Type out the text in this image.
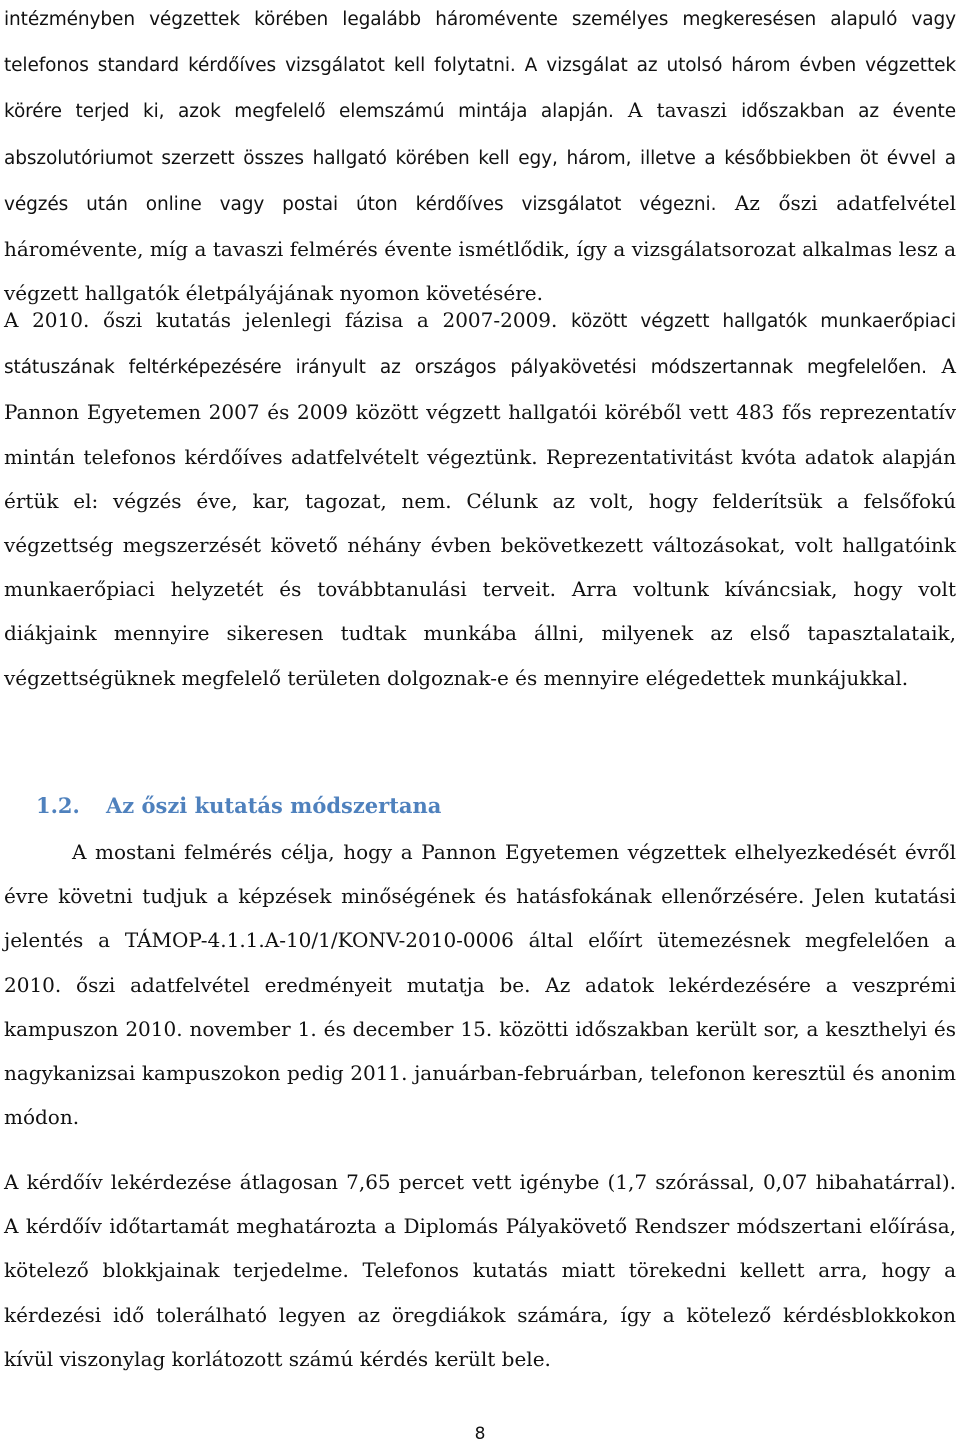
intézményben végzettek körében legalább háromévente személyes megkeresésen alapuló vagy telefonos standard kérdőíves vizsgálatot kell folytatni. A vizsgálat az utolsó három évben végzettek körére terjed ki, azok megfelelő elemszámú mintája alapján. A tavaszi időszakban az évente abszolutóriumot szerzett összes hallgató körében kell egy, három, illetve a későbbiekben öt évvel a végzés után online vagy postai úton kérdőíves vizsgálatot végezni. Az őszi adatfelvétel háromévente, míg a tavaszi felmérés évente ismétlődik, így a vizsgálatsorozat alkalmas lesz a végzett hallgatók életpályájának nyomon követésére.

A 2010. őszi kutatás jelenlegi fázisa a 2007-2009. között végzett hallgatók munkaerőpiaci státuszának feltérképezésére irányult az országos pályakövetési módszertannak megfelelően. A Pannon Egyetemen 2007 és 2009 között végzett hallgatói köréből vett 483 fős reprezentatív mintán telefonos kérdőíves adatfelvételt végeztünk. Reprezentativitást kvóta adatok alapján értük el: végzés éve, kar, tagozat, nem. Célunk az volt, hogy felderítsük a felsőfokú végzettség megszerzését követő néhány évben bekövetkezett változásokat, volt hallgatóink munkaerőpiaci helyzetét és továbbtanulási terveit. Arra voltunk kíváncsiak, hogy volt diákjaink mennyire sikeresen tudtak munkába állni, milyenek az első tapasztalataik, végzettségüknek megfelelő területen dolgoznak-e és mennyire elégedettek munkájukkal.

1.2. Az őszi kutatás módszertana

A mostani felmérés célja, hogy a Pannon Egyetemen végzettek elhelyezkedését évről évre követni tudjuk a képzések minőségének és hatásfokának ellenőrzésére. Jelen kutatási jelentés a TÁMOP-4.1.1.A-10/1/KONV-2010-0006 által előírt ütemezésnek megfelelően a 2010. őszi adatfelvétel eredményeit mutatja be. Az adatok lekérdezésére a veszprémi kampuszon 2010. november 1. és december 15. közötti időszakban került sor, a keszthelyi és nagykanizsai kampuszokon pedig 2011. januárban-februárban, telefonon keresztül és anonim módon.

A kérdőív lekérdezése átlagosan 7,65 percet vett igénybe (1,7 szórással, 0,07 hibahatárral). A kérdőív időtartamát meghatározta a Diplomás Pályakövető Rendszer módszertani előírása, kötelező blokkjainak terjedelme. Telefonos kutatás miatt törekedni kellett arra, hogy a kérdezési idő tolerálható legyen az öregdiákok számára, így a kötelező kérdésblokkokon kívül viszonylag korlátozott számú kérdés került bele.

8
